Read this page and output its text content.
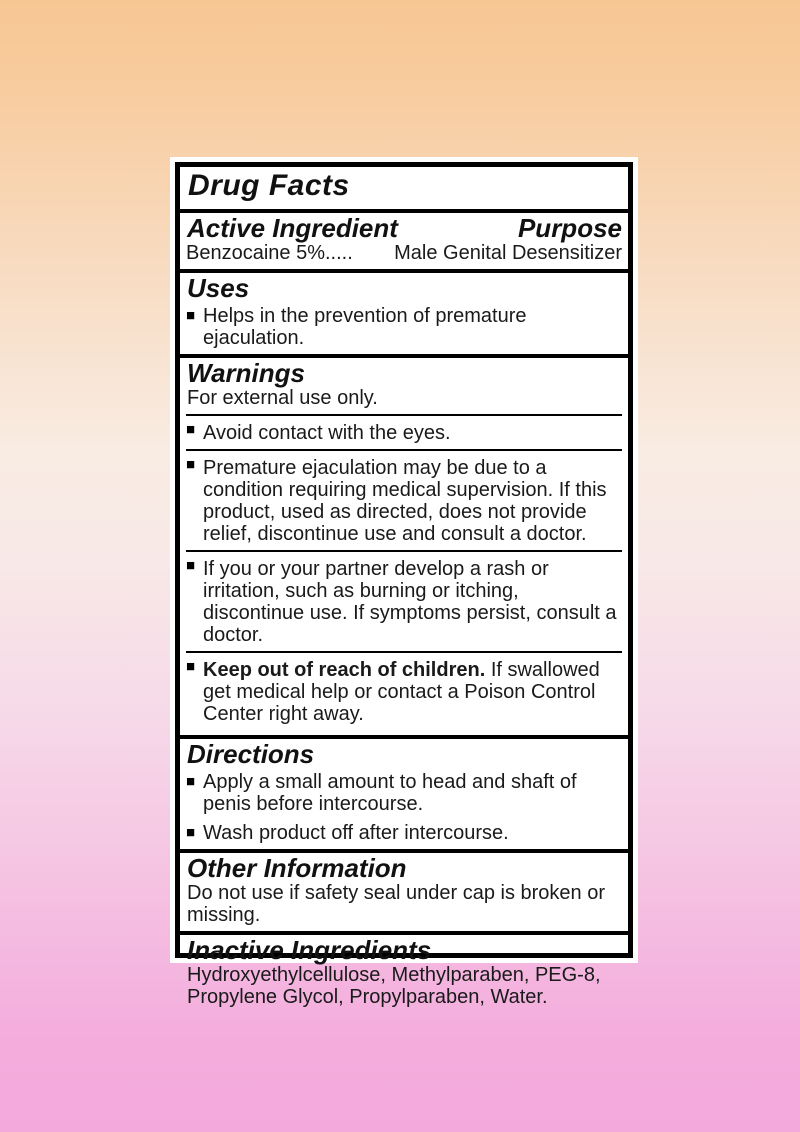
Drug Facts
Active Ingredient	Purpose
Benzocaine 5%..... Male Genital Desensitizer
Uses
■ Helps in the prevention of premature ejaculation.
Warnings
For external use only.
■ Avoid contact with the eyes.
■ Premature ejaculation may be due to a condition requiring medical supervision. If this product, used as directed, does not provide relief, discontinue use and consult a doctor.
■ If you or your partner develop a rash or irritation, such as burning or itching, discontinue use. If symptoms persist, consult a doctor.
■ Keep out of reach of children. If swallowed get medical help or contact a Poison Control Center right away.
Directions
■ Apply a small amount to head and shaft of penis before intercourse.
■ Wash product off after intercourse.
Other Information
Do not use if safety seal under cap is broken or missing.
Inactive Ingredients
Hydroxyethylcellulose, Methylparaben, PEG-8, Propylene Glycol, Propylparaben, Water.
